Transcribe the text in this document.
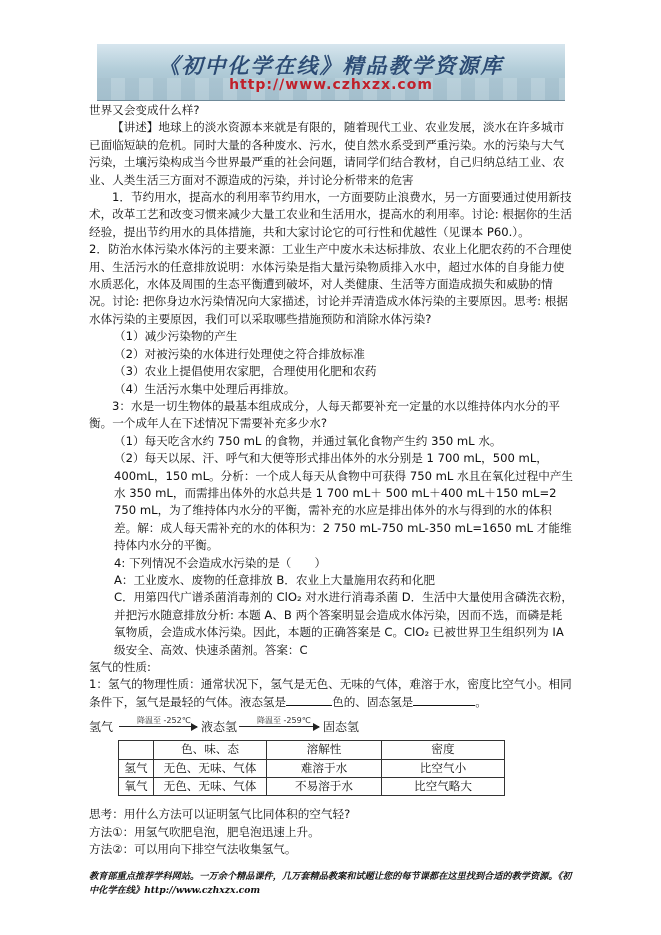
《初中化学在线》精品教学资源库
http://www.czhxzx.com

世界又会变成什么样?

【讲述】地球上的淡水资源本来就是有限的，随着现代工业、农业发展，淡水在许多城市已面临短缺的危机。同时大量的各种废水、污水，使自然水系受到严重污染。水的污染与大气污染，土壤污染构成当今世界最严重的社会问题，请同学们结合教材，自己归纳总结工业、农业、人类生活三方面对不源造成的污染，并讨论分析带来的危害

1．节约用水，提高水的利用率节约用水，一方面要防止浪费水，另一方面要通过使用新技术，改革工艺和改变习惯来减少大量工农业和生活用水，提高水的利用率。讨论: 根据你的生活经验，提出节约用水的具体措施，共和大家讨论它的可行性和优越性（见课本 P60.）。　　　　2．防治水体污染水体污的主要来源：工业生产中废水未达标排放、农业上化肥农药的不合理使用、生活污水的任意排放说明：水体污染是指大量污染物质排入水中，超过水体的自身能力使水质恶化，水体及周围的生态平衡遭到破坏，对人类健康、生活等方面造成损失和威胁的情况。讨论: 把你身边水污染情况向大家描述，讨论并弄清造成水体污染的主要原因。思考: 根据水体污染的主要原因，我们可以采取哪些措施预防和消除水体污染?

（1）减少污染物的产生

（2）对被污染的水体进行处理使之符合排放标准

（3）农业上提倡使用农家肥，合理使用化肥和农药

（4）生活污水集中处理后再排放。

3：水是一切生物体的最基本组成成分，人每天都要补充一定量的水以维持体内水分的平衡。一个成年人在下述情况下需要补充多少水?

（1）每天吃含水约 750 mL 的食物，并通过氧化食物产生约 350 mL 水。

（2）每天以尿、汗、呼气和大便等形式排出体外的水分别是 1 700 mL，500 mL，400mL，150 mL。分析：一个成人每天从食物中可获得 750 mL 水且在氧化过程中产生水 350 mL，而需排出体外的水总共是 1 700 mL＋ 500 mL＋400 mL＋150 mL=2 750 mL，为了维持体内水分的平衡，需补充的水应是排出体外的水与得到的水的体积差。解：成人每天需补充的水的体积为：2 750 mL-750 mL-350 mL=1650 mL 才能维持体内水分的平衡。

4: 下列情况不会造成水污染的是（　　）

A：工业废水、废物的任意排放 B．农业上大量施用农药和化肥

C．用第四代广谱杀菌消毒剂的 ClO₂ 对水进行消毒杀菌 D．生活中大量使用含磷洗衣粉，并把污水随意排放分析: 本题 A、B 两个答案明显会造成水体污染，因而不选，而磷是耗氧物质，会造成水体污染。因此，本题的正确答案是 C。ClO₂ 已被世界卫生组织列为 IA 级安全、高效、快速杀菌剂。答案：C

氢气的性质:

1：氢气的物理性质：通常状况下，氢气是无色、无味的气体，难溶于水，密度比空气小。相同条件下，氢气是最轻的气体。液态氢是	色的、固态氢是	。

氢气	降温至 -252℃ 液态氢 降温至 -259℃ 固态氢
	色、味、态	溶解性	密度
氢气	无色、无味、气体	难溶于水	比空气小
氧气	无色、无味、气体	不易溶于水	比空气略大

思考：用什么方法可以证明氢气比同体积的空气轻?

方法①：用氢气吹肥皂泡，肥皂泡迅速上升。

方法②：可以用向下排空气法收集氢气。

教育部重点推荐学科网站。一万余个精品课件，几万套精品教案和试题让您的每节课都在这里找到合适的教学资源。《初中化学在线》http://www.czhxzx.com
